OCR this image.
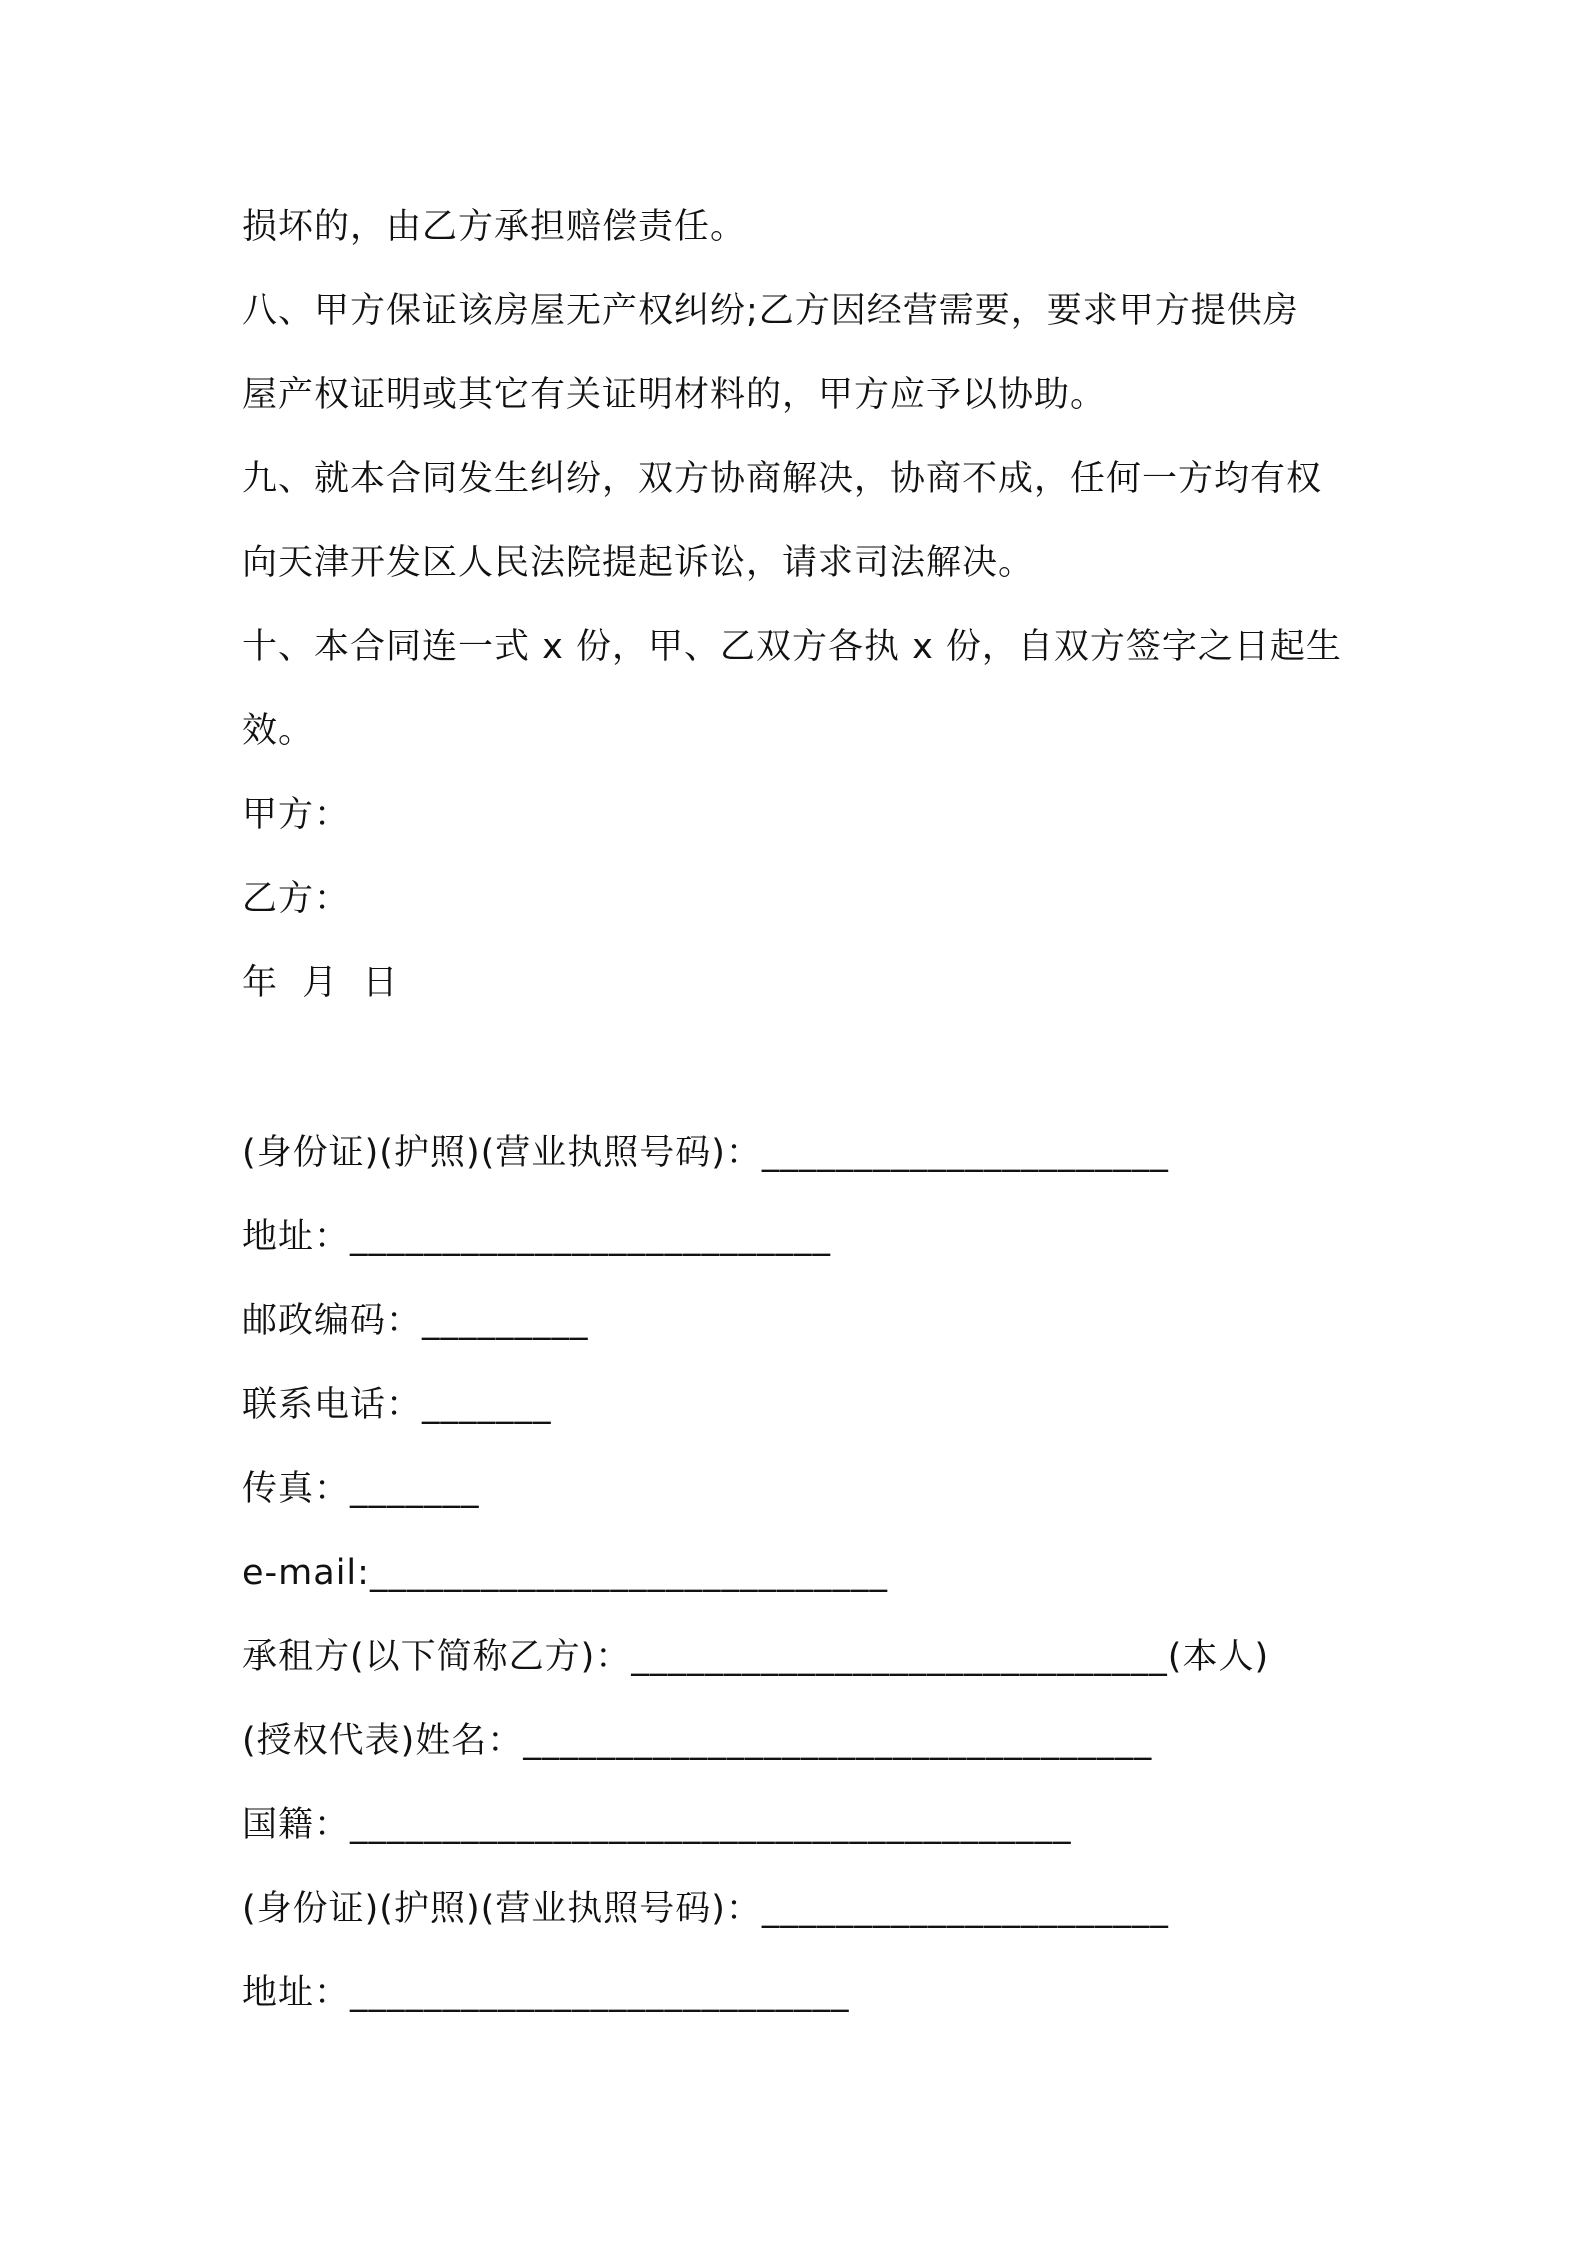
损坏的，由乙方承担赔偿责任。
八、甲方保证该房屋无产权纠纷;乙方因经营需要，要求甲方提供房
屋产权证明或其它有关证明材料的，甲方应予以协助。
九、就本合同发生纠纷，双方协商解决，协商不成，任何一方均有权
向天津开发区人民法院提起诉讼，请求司法解决。
十、本合同连一式 x 份，甲、乙双方各执 x 份，自双方签字之日起生
效。
甲方：
乙方：
年  月  日
(身份证)(护照)(营业执照号码)：______________________
地址：__________________________
邮政编码：_________
联系电话：_______
传真：_______
e-mail:____________________________
承租方(以下简称乙方)：_____________________________(本人)
(授权代表)姓名：__________________________________
国籍：_______________________________________
(身份证)(护照)(营业执照号码)：______________________
地址：___________________________
